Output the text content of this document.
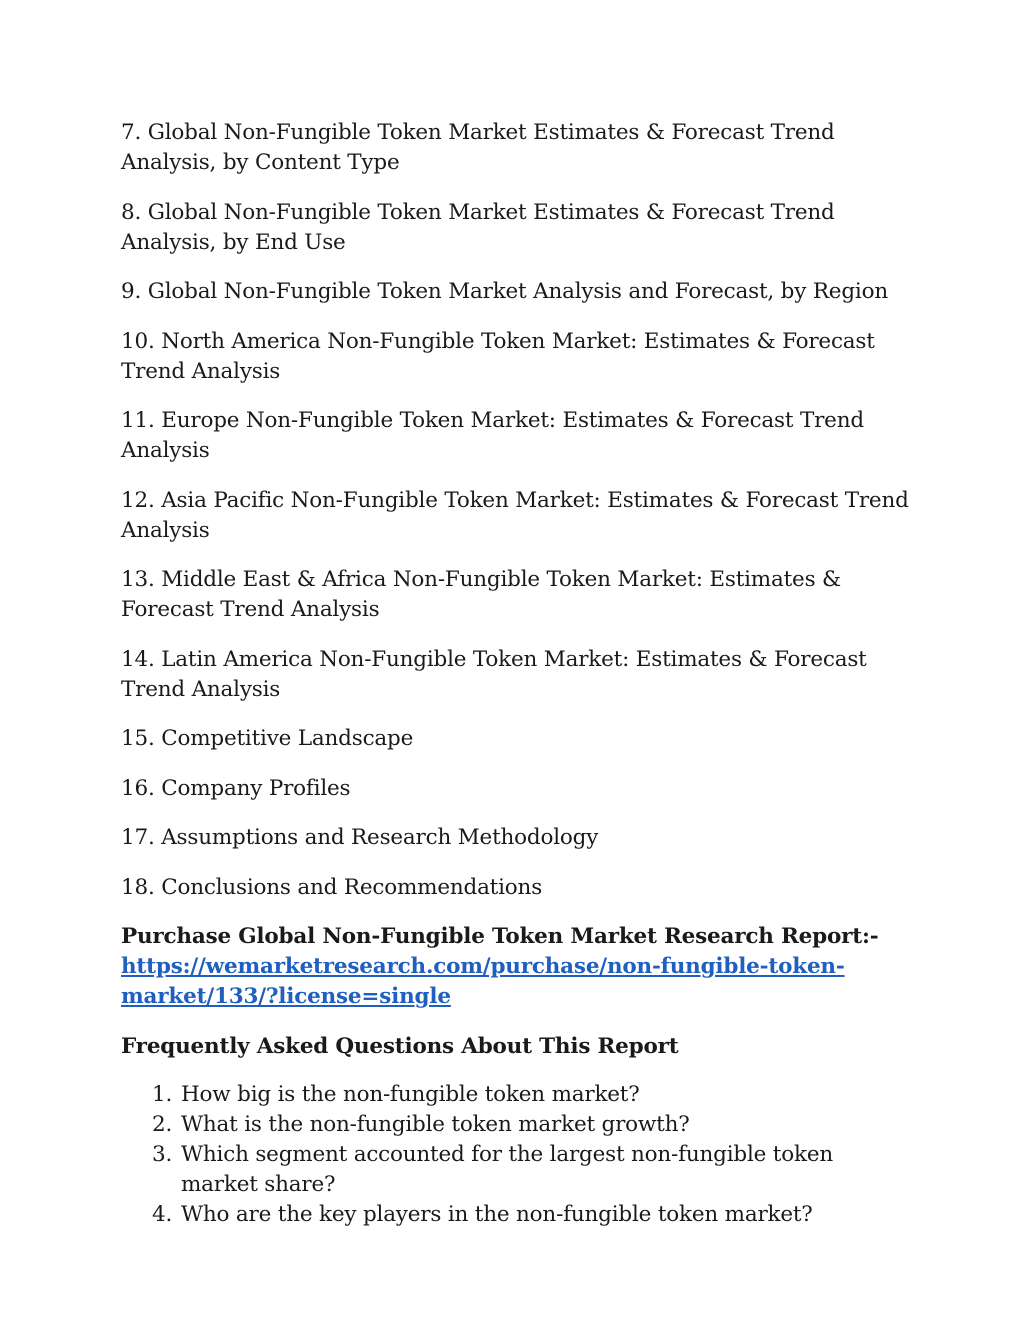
7. Global Non-Fungible Token Market Estimates & Forecast Trend Analysis, by Content Type

8. Global Non-Fungible Token Market Estimates & Forecast Trend Analysis, by End Use

9. Global Non-Fungible Token Market Analysis and Forecast, by Region

10. North America Non-Fungible Token Market: Estimates & Forecast Trend Analysis

11. Europe Non-Fungible Token Market: Estimates & Forecast Trend Analysis

12. Asia Pacific Non-Fungible Token Market: Estimates & Forecast Trend Analysis

13. Middle East & Africa Non-Fungible Token Market: Estimates & Forecast Trend Analysis

14. Latin America Non-Fungible Token Market: Estimates & Forecast Trend Analysis

15. Competitive Landscape

16. Company Profiles

17. Assumptions and Research Methodology

18. Conclusions and Recommendations

Purchase Global Non-Fungible Token Market Research Report:- https://wemarketresearch.com/purchase/non-fungible-token-market/133/?license=single

Frequently Asked Questions About This Report

1. How big is the non-fungible token market?
2. What is the non-fungible token market growth?
3. Which segment accounted for the largest non-fungible token market share?
4. Who are the key players in the non-fungible token market?
